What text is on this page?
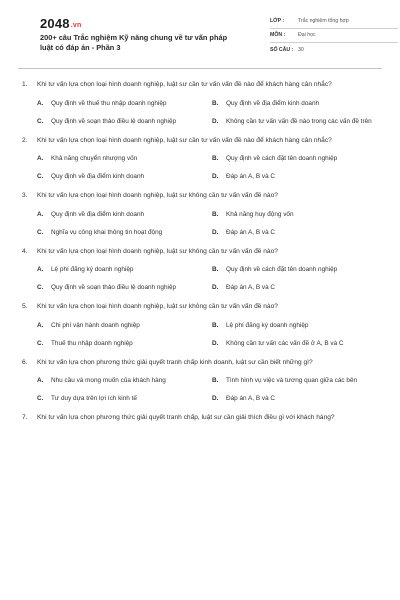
2048.vn
200+ câu Trắc nghiệm Kỹ năng chung về tư vấn pháp luật có đáp án - Phần 3
LỚP :	Trắc nghiệm tổng hợp
MÔN :	Đại học
SỐ CÂU : 30
1.	Khi tư vấn lựa chọn loại hình doanh nghiệp, luật sư cần tư vấn vấn đề nào để khách hàng cân nhắc?
A.	Quy định về thuế thu nhập doanh nghiệp	B.	Quy định về địa điểm kinh doanh
C.	Quy định về soạn thảo điều lệ doanh nghiệp	D.	Không cần tư vấn vấn đề nào trong các vấn đề trên
2.	Khi tư vấn lựa chọn loại hình doanh nghiệp, luật sư cần tư vấn vấn đề nào để khách hàng cân nhắc?
A.	Khả năng chuyển nhượng vốn	B.	Quy định về cách đặt tên doanh nghiệp
C.	Quy định về địa điểm kinh doanh	D.	Đáp án A, B và C
3.	Khi tư vấn lựa chọn loại hình doanh nghiệp, luật sư không cần tư vấn vấn đề nào?
A.	Quy định về địa điểm kinh doanh	B.	Khả năng huy động vốn
C.	Nghĩa vụ công khai thông tin hoạt động	D.	Đáp án A, B và C
4.	Khi tư vấn lựa chọn loại hình doanh nghiệp, luật sư không cần tư vấn vấn đề nào?
A.	Lệ phí đăng ký doanh nghiệp	B.	Quy định về cách đặt tên doanh nghiệp
C.	Quy định về soạn thảo điều lệ doanh nghiệp	D.	Đáp án A, B và C
5.	Khi tư vấn lựa chọn loại hình doanh nghiệp, luật sư không cần tư vấn vấn đề nào?
A.	Chi phí vận hành doanh nghiệp	B.	Lệ phí đăng ký doanh nghiệp
C.	Thuế thu nhập doanh nghiệp	D.	Không cần tư vấn các vấn đề ở A, B và C
6.	Khi tư vấn lựa chọn phương thức giải quyết tranh chấp kinh doanh, luật sư cần biết những gì?
A.	Nhu cầu và mong muốn của khách hàng	B.	Tình hình vụ việc và tương quan giữa các bên
C.	Tư duy dựa trên lợi ích kinh tế	D.	Đáp án A, B và C
7.	Khi tư vấn lựa chọn phương thức giải quyết tranh chấp, luật sư cần giải thích điều gì với khách hàng?
